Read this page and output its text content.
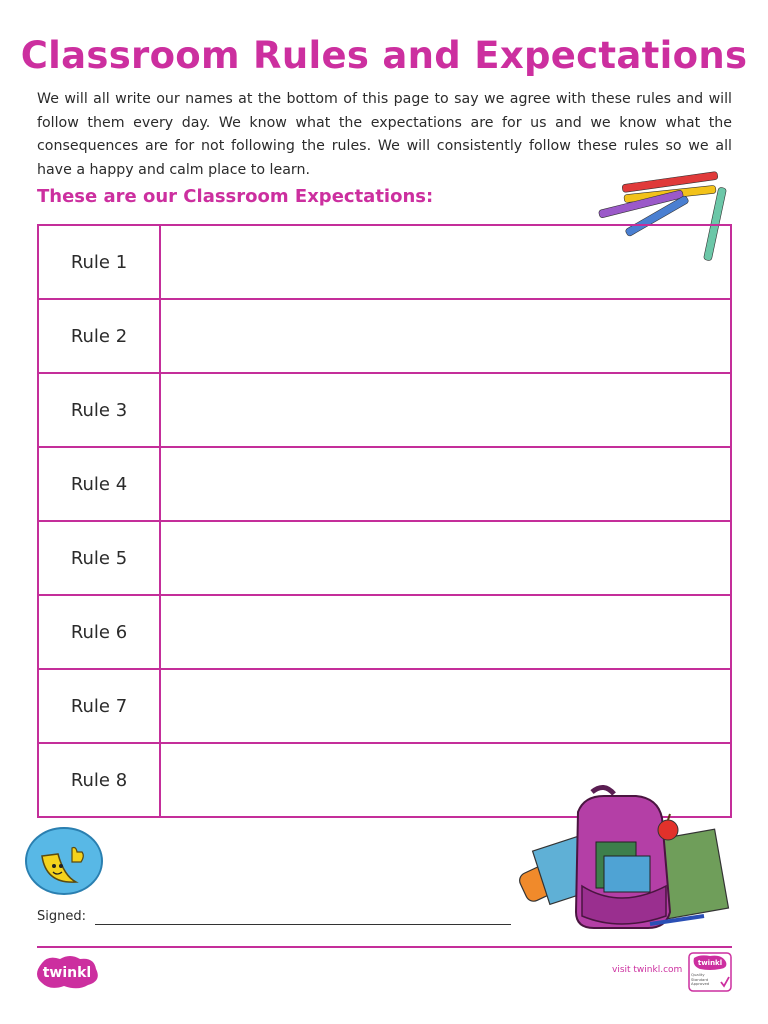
Classroom Rules and Expectations
We will all write our names at the bottom of this page to say we agree with these rules and will follow them every day. We know what the expectations are for us and we know what the consequences are for not following the rules. We will consistently follow these rules so we all have a happy and calm place to learn.
These are our Classroom Expectations:
Rule 1	
Rule 2	
Rule 3	
Rule 4	
Rule 5	
Rule 6	
Rule 7	
Rule 8	
Signed:
twinkl	visit twinkl.com
twinkl
Quality Standard Approved
